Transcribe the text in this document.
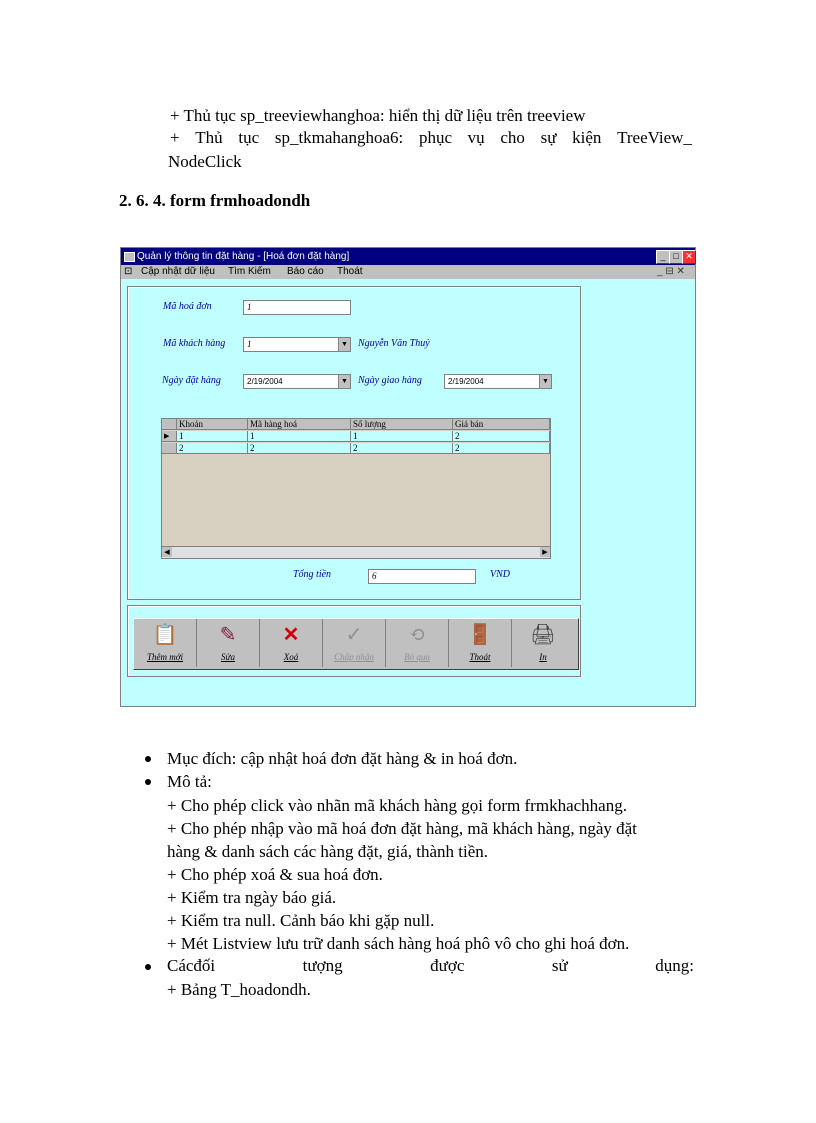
+ Thủ tục sp_treeviewhanghoa: hiển thị dữ liệu trên treeview
+ Thủ tục sp_tkmahanghoa6: phục vụ cho sự kiện TreeView_
NodeClick
2. 6. 4. form frmhoadondh
Quản lý thông tin đặt hàng - [Hoá đơn đặt hàng]	_ □ ✕
⊡ Cập nhật dữ liệu Tìm Kiếm Báo cáo Thoát	_ ⊟ ✕
Mã hoá đơn	1
Mã khách hàng	1	▼ Nguyễn Văn Thuỷ
Ngày đặt hàng	2/19/2004	▼ Ngày giao hàng	2/19/2004	▼
Khoản	Mã hàng hoá	Số lượng	Giá bán
▶	1	1	1	2
2	2	2	2
◀	▶
Tổng tiền	6	VND
📋
Thêm mới
✎
Sửa
✕
Xoá
✓
Chấp nhận
⟲
Bỏ qua
🚪
Thoát
🖨
In
Mục đích: cập nhật hoá đơn đặt hàng & in hoá đơn.
Mô tả:
+ Cho phép click vào nhãn mã khách hàng gọi form frmkhachhang.
+ Cho phép nhập vào mã hoá đơn đặt hàng, mã khách hàng, ngày đặt
hàng & danh sách các hàng đặt, giá, thành tiền.
+ Cho phép xoá & sua hoá đơn.
+ Kiểm tra ngày báo giá.
+ Kiểm tra null. Cảnh báo khi gặp null.
+ Mét Listview lưu trữ danh sách hàng hoá phô vô cho ghi hoá đơn.
Cácđối	tượng	được	sử	dụng:
+ Bảng T_hoadondh.
